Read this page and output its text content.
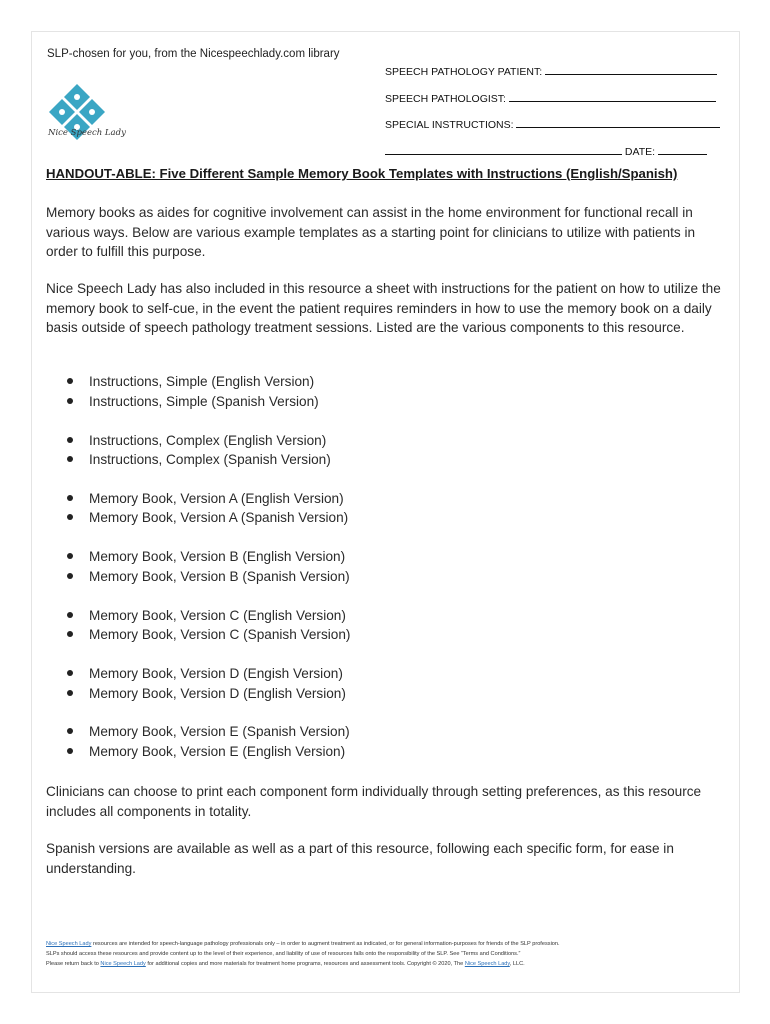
SLP-chosen for you, from the Nicespeechlady.com library
Nice Speech Lady
SPEECH PATHOLOGY PATIENT:
SPEECH PATHOLOGIST:
SPECIAL INSTRUCTIONS:
DATE:
HANDOUT-ABLE: Five Different Sample Memory Book Templates with Instructions (English/Spanish)
Memory books as aides for cognitive involvement can assist in the home environment for functional recall in various ways. Below are various example templates as a starting point for clinicians to utilize with patients in order to fulfill this purpose.
Nice Speech Lady has also included in this resource a sheet with instructions for the patient on how to utilize the memory book to self-cue, in the event the patient requires reminders in how to use the memory book on a daily basis outside of speech pathology treatment sessions. Listed are the various components to this resource.
Instructions, Simple (English Version)
Instructions, Simple (Spanish Version)
Instructions, Complex (English Version)
Instructions, Complex (Spanish Version)
Memory Book, Version A (English Version)
Memory Book, Version A (Spanish Version)
Memory Book, Version B (English Version)
Memory Book, Version B (Spanish Version)
Memory Book, Version C (English Version)
Memory Book, Version C (Spanish Version)
Memory Book, Version D (Engish Version)
Memory Book, Version D (English Version)
Memory Book, Version E (Spanish Version)
Memory Book, Version E (English Version)
Clinicians can choose to print each component form individually through setting preferences, as this resource includes all components in totality.
Spanish versions are available as well as a part of this resource, following each specific form, for ease in understanding.
Nice Speech Lady resources are intended for speech-language pathology professionals only – in order to augment treatment as indicated, or for general information-purposes for friends of the SLP profession.
SLPs should access these resources and provide content up to the level of their experience, and liability of use of resources falls onto the responsibility of the SLP. See “Terms and Conditions.”
Please return back to Nice Speech Lady for additional copies and more materials for treatment home programs, resources and assessment tools. Copyright © 2020, The Nice Speech Lady, LLC.
